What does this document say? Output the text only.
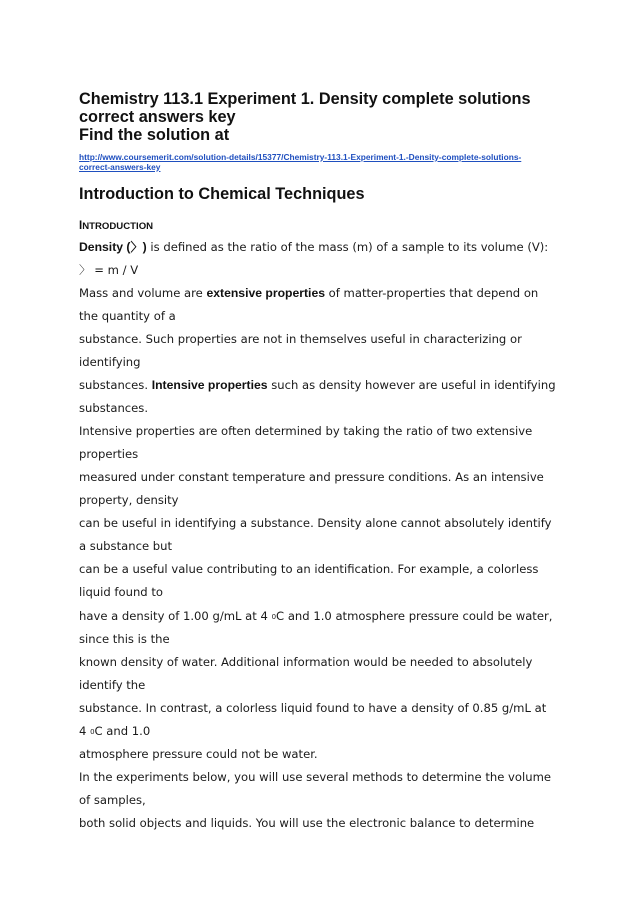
Chemistry 113.1 Experiment 1. Density complete solutions
correct answers key
Find the solution at
http://www.coursemerit.com/solution-details/15377/Chemistry-113.1-Experiment-1.-Density-complete-solutions-
correct-answers-key
Introduction to Chemical Techniques
INTRODUCTION
Density (〉) is defined as the ratio of the mass (m) of a sample to its volume (V):
〉 = m / V
Mass and volume are extensive properties of matter-properties that depend on
the quantity of a
substance. Such properties are not in themselves useful in characterizing or
identifying
substances. Intensive properties such as density however are useful in identifying
substances.
Intensive properties are often determined by taking the ratio of two extensive
properties
measured under constant temperature and pressure conditions. As an intensive
property, density
can be useful in identifying a substance. Density alone cannot absolutely identify
a substance but
can be a useful value contributing to an identification. For example, a colorless
liquid found to
have a density of 1.00 g/mL at 4 0C and 1.0 atmosphere pressure could be water,
since this is the
known density of water. Additional information would be needed to absolutely
identify the
substance. In contrast, a colorless liquid found to have a density of 0.85 g/mL at
4 0C and 1.0
atmosphere pressure could not be water.
In the experiments below, you will use several methods to determine the volume
of samples,
both solid objects and liquids. You will use the electronic balance to determine
